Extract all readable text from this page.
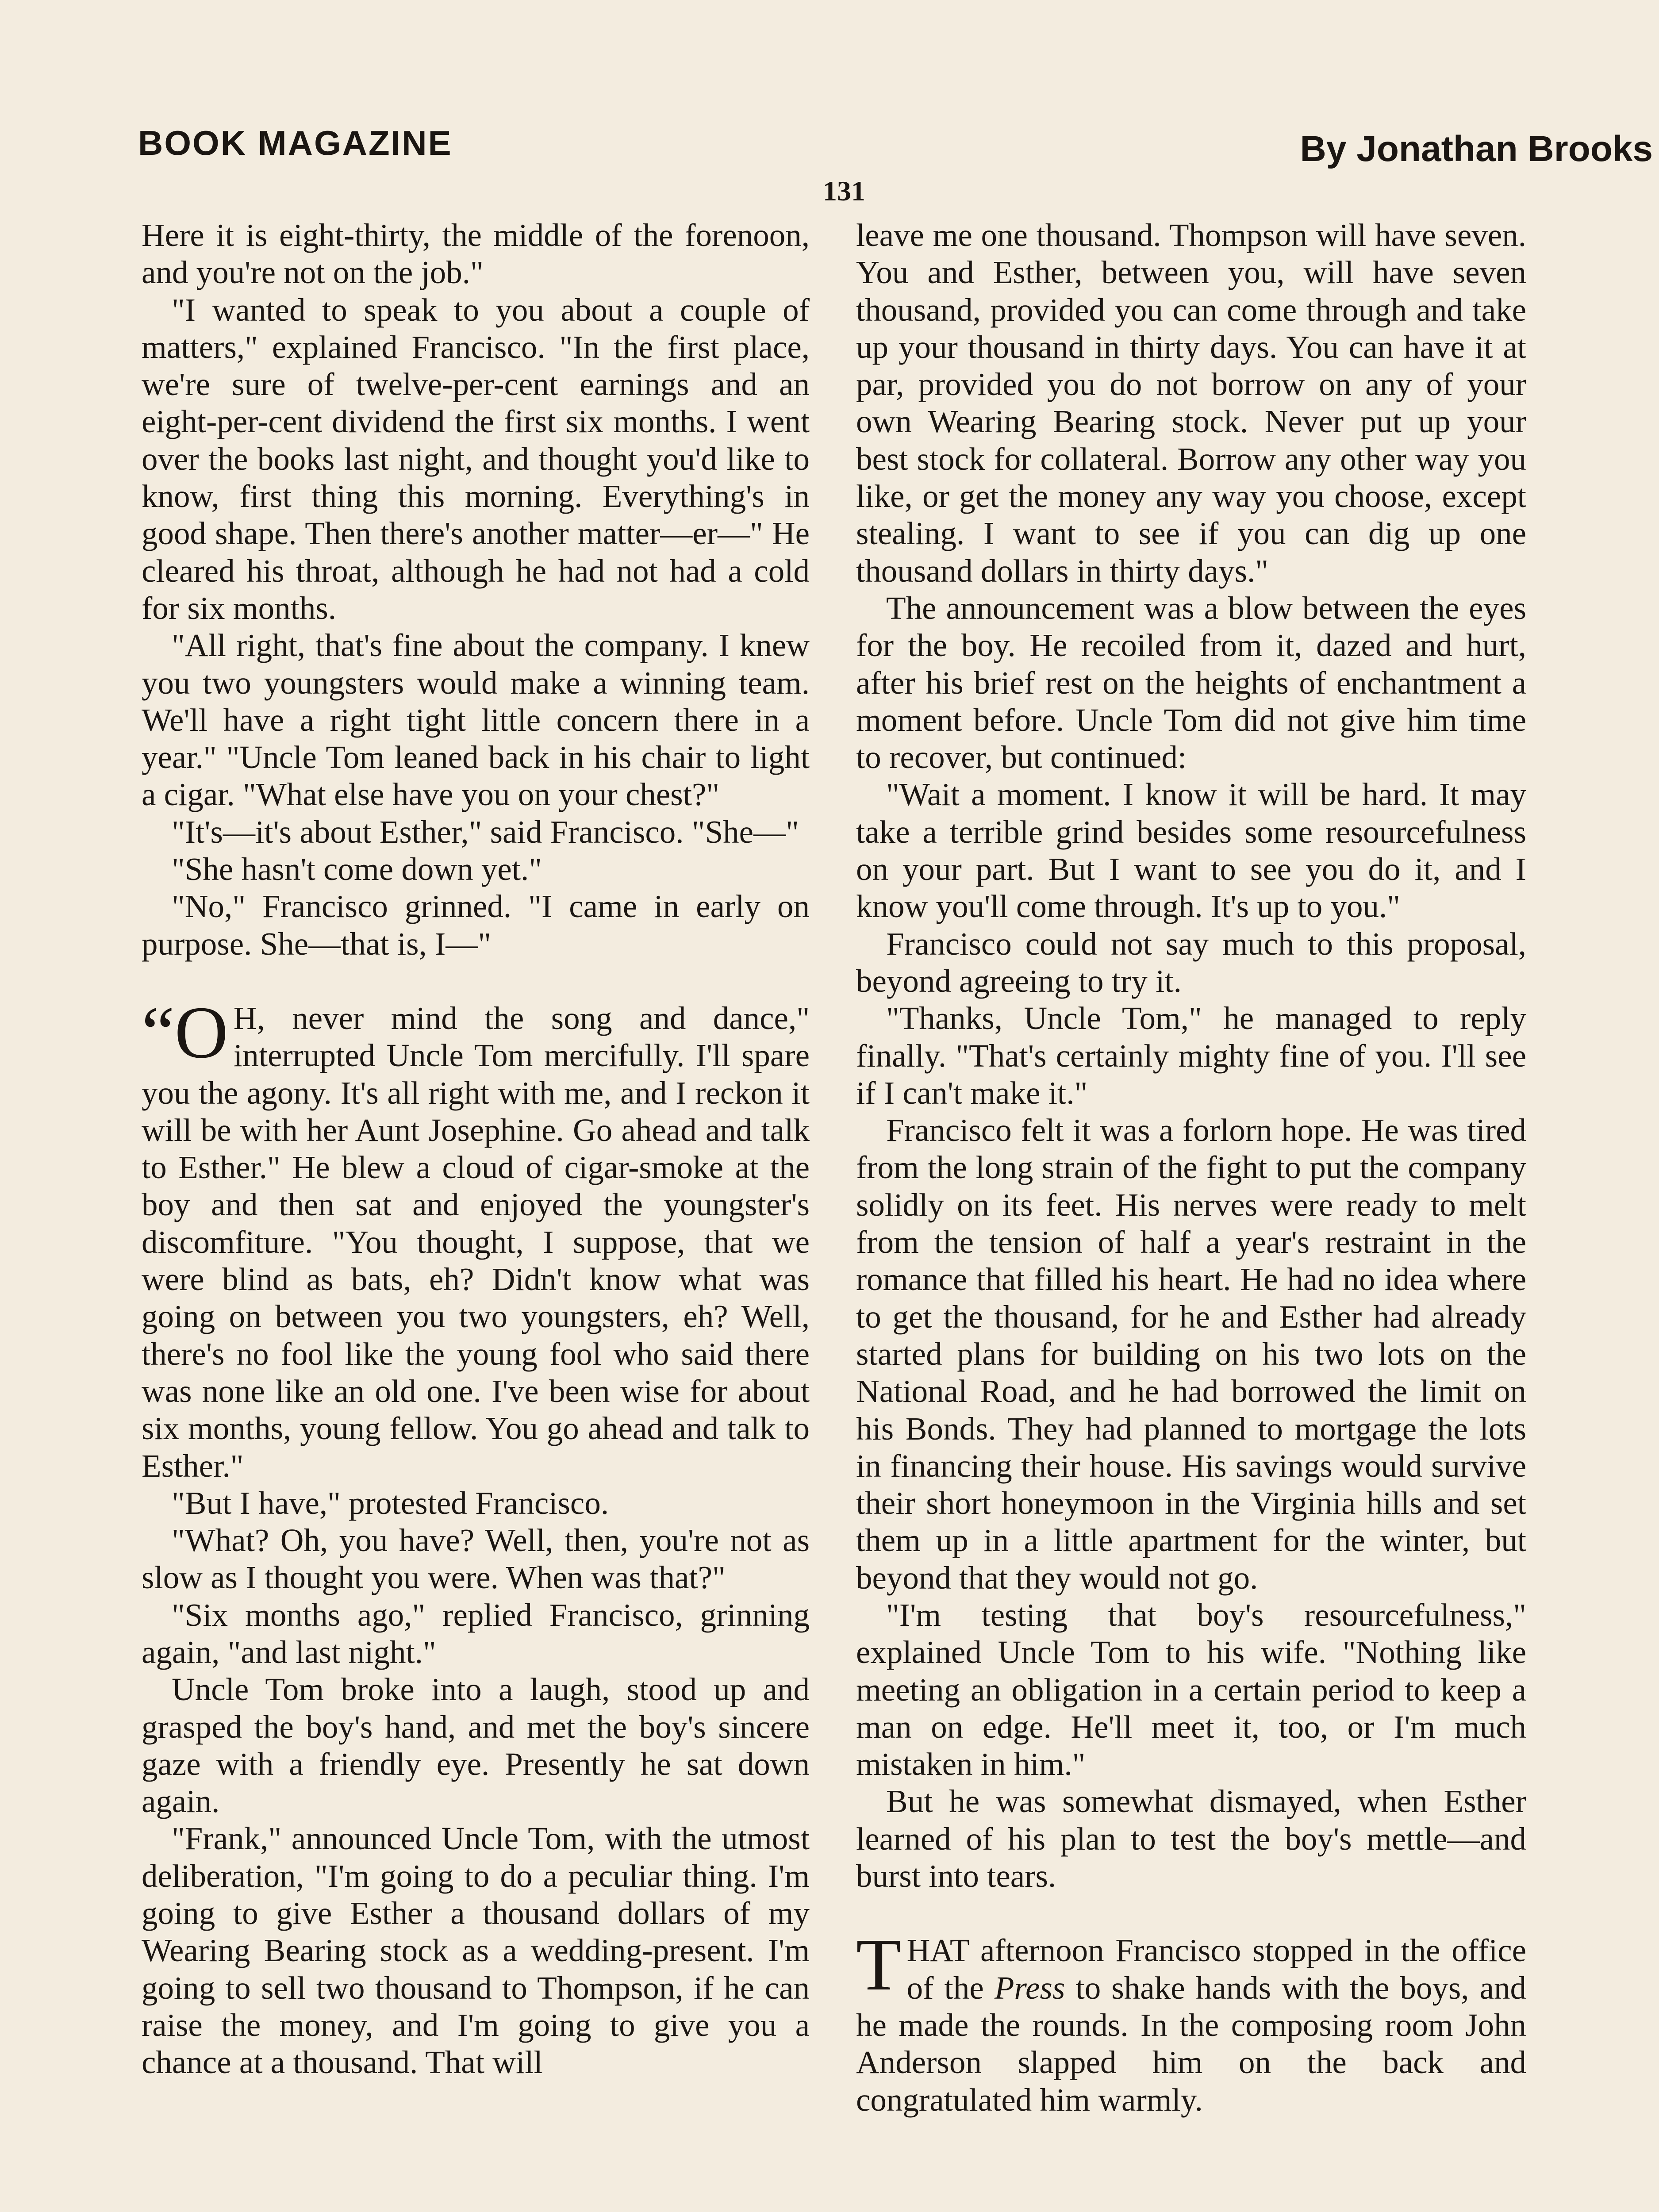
BOOK MAGAZINE	By Jonathan Brooks
131

Here it is eight-thirty, the middle of the forenoon, and you're not on the job."

"I wanted to speak to you about a couple of matters," explained Francisco. "In the first place, we're sure of twelve-per-cent earnings and an eight-per-cent dividend the first six months. I went over the books last night, and thought you'd like to know, first thing this morning. Everything's in good shape. Then there's another matter—er—" He cleared his throat, although he had not had a cold for six months.

"All right, that's fine about the company. I knew you two youngsters would make a winning team. We'll have a right tight little concern there in a year." "Uncle Tom leaned back in his chair to light a cigar. "What else have you on your chest?"

"It's—it's about Esther," said Francisco. "She—"

"She hasn't come down yet."

"No," Francisco grinned. "I came in early on purpose. She—that is, I—"

“O H, never mind the song and dance," interrupted Uncle Tom mercifully. I'll spare you the agony. It's all right with me, and I reckon it will be with her Aunt Josephine. Go ahead and talk to Esther." He blew a cloud of cigar-smoke at the boy and then sat and enjoyed the youngster's discomfiture. "You thought, I suppose, that we were blind as bats, eh? Didn't know what was going on between you two youngsters, eh? Well, there's no fool like the young fool who said there was none like an old one. I've been wise for about six months, young fellow. You go ahead and talk to Esther."

"But I have," protested Francisco.

"What? Oh, you have? Well, then, you're not as slow as I thought you were. When was that?"

"Six months ago," replied Francisco, grinning again, "and last night."

Uncle Tom broke into a laugh, stood up and grasped the boy's hand, and met the boy's sincere gaze with a friendly eye. Presently he sat down again.

"Frank," announced Uncle Tom, with the utmost deliberation, "I'm going to do a peculiar thing. I'm going to give Esther a thousand dollars of my Wearing Bearing stock as a wedding-present. I'm going to sell two thousand to Thompson, if he can raise the money, and I'm going to give you a chance at a thousand. That will

leave me one thousand. Thompson will have seven. You and Esther, between you, will have seven thousand, provided you can come through and take up your thousand in thirty days. You can have it at par, provided you do not borrow on any of your own Wearing Bearing stock. Never put up your best stock for collateral. Borrow any other way you like, or get the money any way you choose, except stealing. I want to see if you can dig up one thousand dollars in thirty days."

The announcement was a blow between the eyes for the boy. He recoiled from it, dazed and hurt, after his brief rest on the heights of enchantment a moment before. Uncle Tom did not give him time to recover, but continued:

"Wait a moment. I know it will be hard. It may take a terrible grind besides some resourcefulness on your part. But I want to see you do it, and I know you'll come through. It's up to you."

Francisco could not say much to this proposal, beyond agreeing to try it.

"Thanks, Uncle Tom," he managed to reply finally. "That's certainly mighty fine of you. I'll see if I can't make it."

Francisco felt it was a forlorn hope. He was tired from the long strain of the fight to put the company solidly on its feet. His nerves were ready to melt from the tension of half a year's restraint in the romance that filled his heart. He had no idea where to get the thousand, for he and Esther had already started plans for building on his two lots on the National Road, and he had borrowed the limit on his Bonds. They had planned to mortgage the lots in financing their house. His savings would survive their short honeymoon in the Virginia hills and set them up in a little apartment for the winter, but beyond that they would not go.

"I'm testing that boy's resourcefulness," explained Uncle Tom to his wife. "Nothing like meeting an obligation in a certain period to keep a man on edge. He'll meet it, too, or I'm much mistaken in him."

But he was somewhat dismayed, when Esther learned of his plan to test the boy's mettle—and burst into tears.

THAT afternoon Francisco stopped in the office of the Press to shake hands with the boys, and he made the rounds. In the composing room John Anderson slapped him on the back and congratulated him warmly.
